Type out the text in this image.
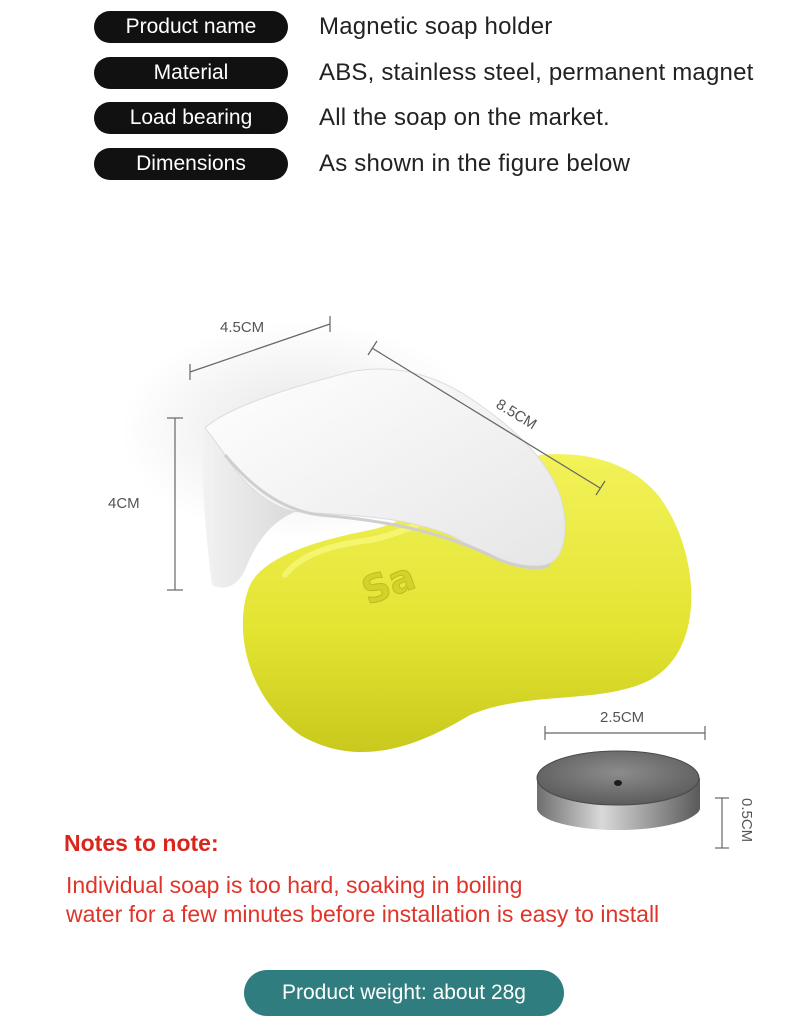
Product name	Magnetic soap holder
Material	ABS, stainless steel, permanent magnet
Load bearing	All the soap on the market.
Dimensions	As shown in the figure below
Sa
4.5CM
8.5CM
4CM
2.5CM
0.5CM
Notes to note:
Individual soap is too hard, soaking in boiling
water for a few minutes before installation is easy to install
Product weight: about 28g
